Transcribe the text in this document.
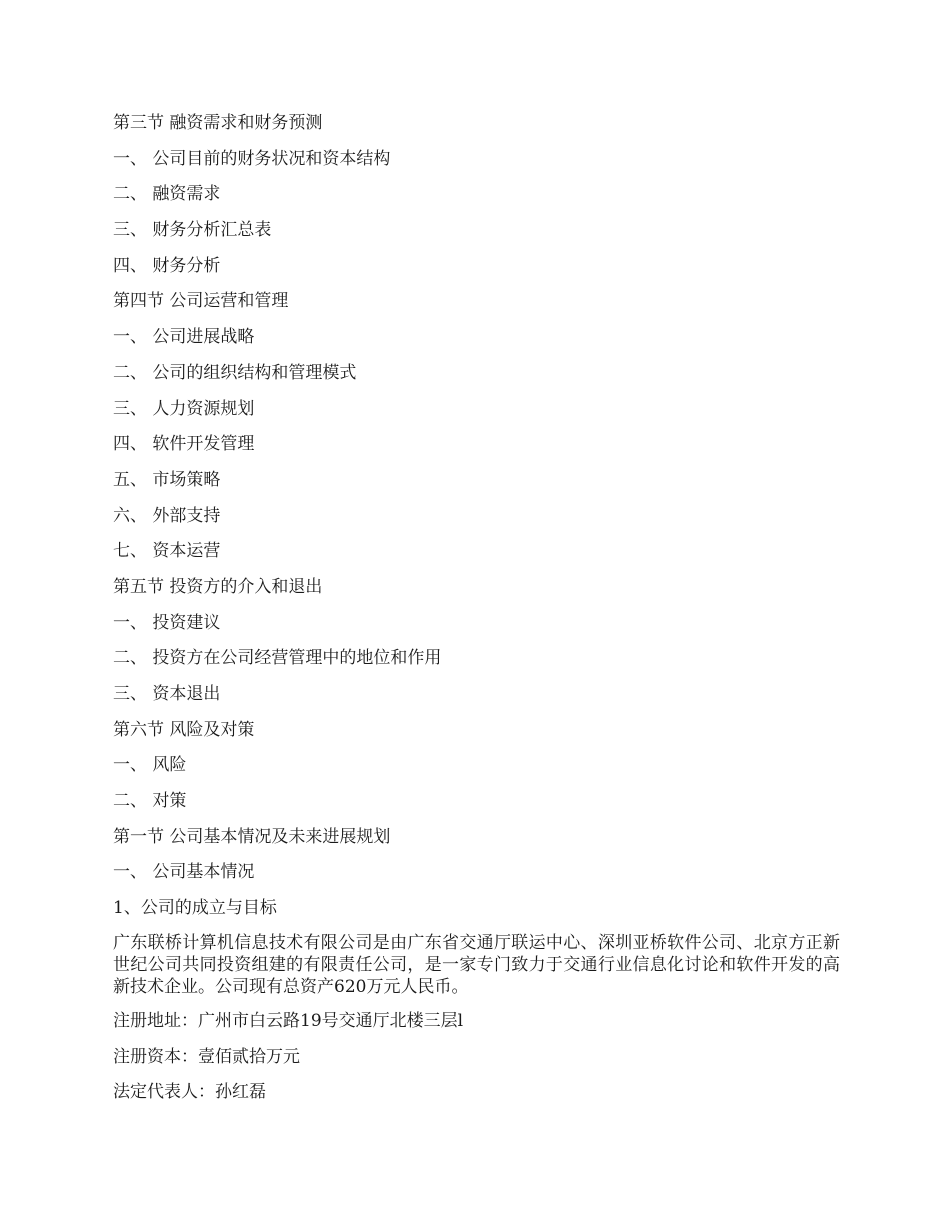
第三节 融资需求和财务预测
一、 公司目前的财务状况和资本结构
二、 融资需求
三、 财务分析汇总表
四、 财务分析
第四节 公司运营和管理
一、 公司进展战略
二、 公司的组织结构和管理模式
三、 人力资源规划
四、 软件开发管理
五、 市场策略
六、 外部支持
七、 资本运营
第五节 投资方的介入和退出
一、 投资建议
二、 投资方在公司经营管理中的地位和作用
三、 资本退出
第六节 风险及对策
一、 风险
二、 对策
第一节 公司基本情况及未来进展规划
一、 公司基本情况
1、公司的成立与目标
广东联桥计算机信息技术有限公司是由广东省交通厅联运中心、深圳亚桥软件公司、北京方正新世纪公司共同投资组建的有限责任公司，是一家专门致力于交通行业信息化讨论和软件开发的高新技术企业。公司现有总资产620万元人民币。
注册地址：广州市白云路19号交通厅北楼三层l
注册资本：壹佰贰拾万元
法定代表人：孙红磊
